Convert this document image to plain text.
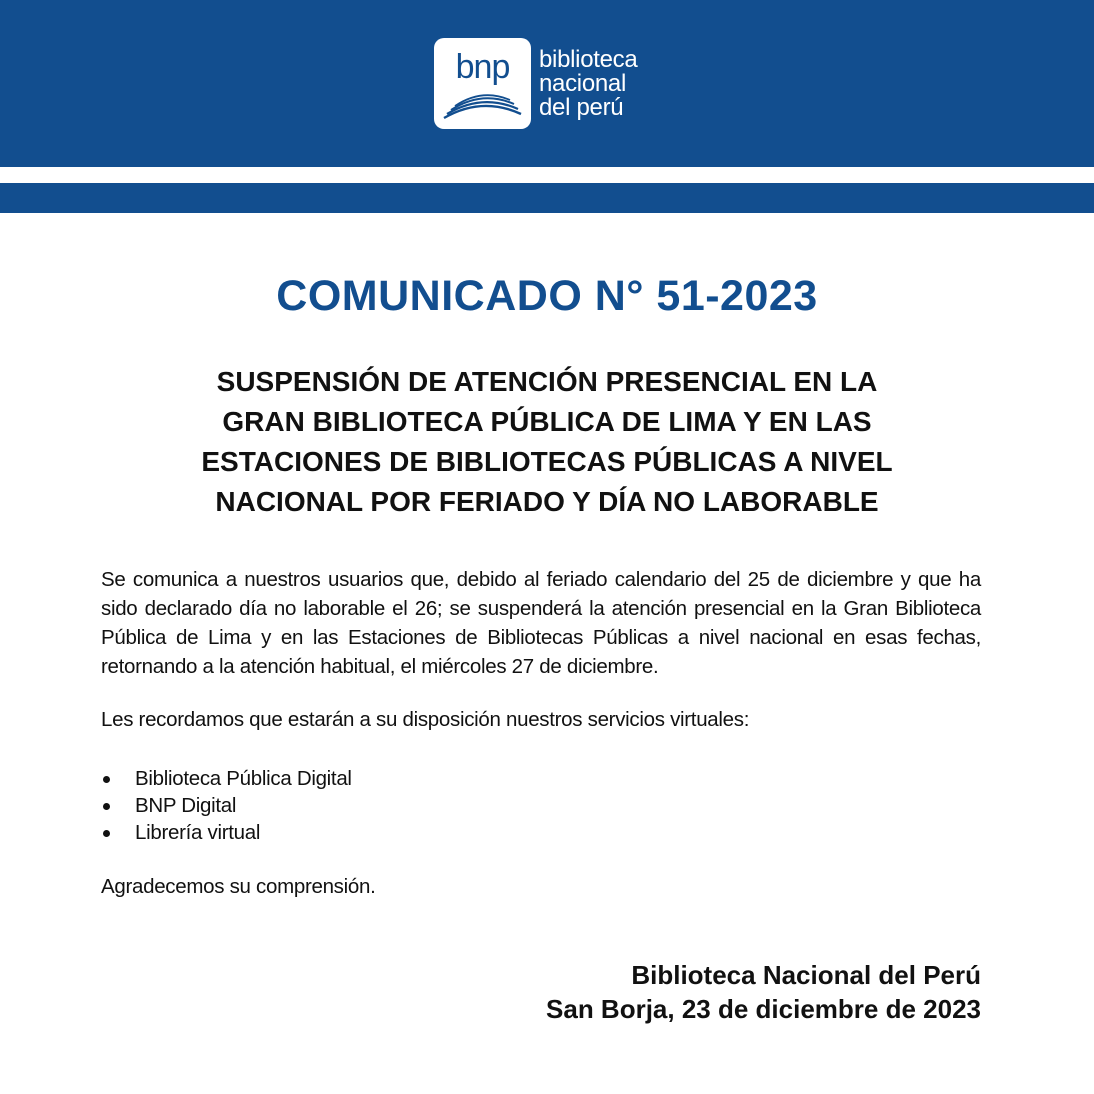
bnp	biblioteca
nacional
del perú
COMUNICADO N° 51-2023
SUSPENSIÓN DE ATENCIÓN PRESENCIAL EN LA
GRAN BIBLIOTECA PÚBLICA DE LIMA Y EN LAS
ESTACIONES DE BIBLIOTECAS PÚBLICAS A NIVEL
NACIONAL POR FERIADO Y DÍA NO LABORABLE

Se comunica a nuestros usuarios que, debido al feriado calendario del 25 de diciembre y que ha sido declarado día no laborable el 26; se suspenderá la atención presencial en la Gran Biblioteca Pública de Lima y en las Estaciones de Bibliotecas Públicas a nivel nacional en esas fechas, retornando a la atención habitual, el miércoles 27 de diciembre.

Les recordamos que estarán a su disposición nuestros servicios virtuales:
Biblioteca Pública Digital
BNP Digital
Librería virtual
Agradecemos su comprensión.
Biblioteca Nacional del Perú
San Borja, 23 de diciembre de 2023
